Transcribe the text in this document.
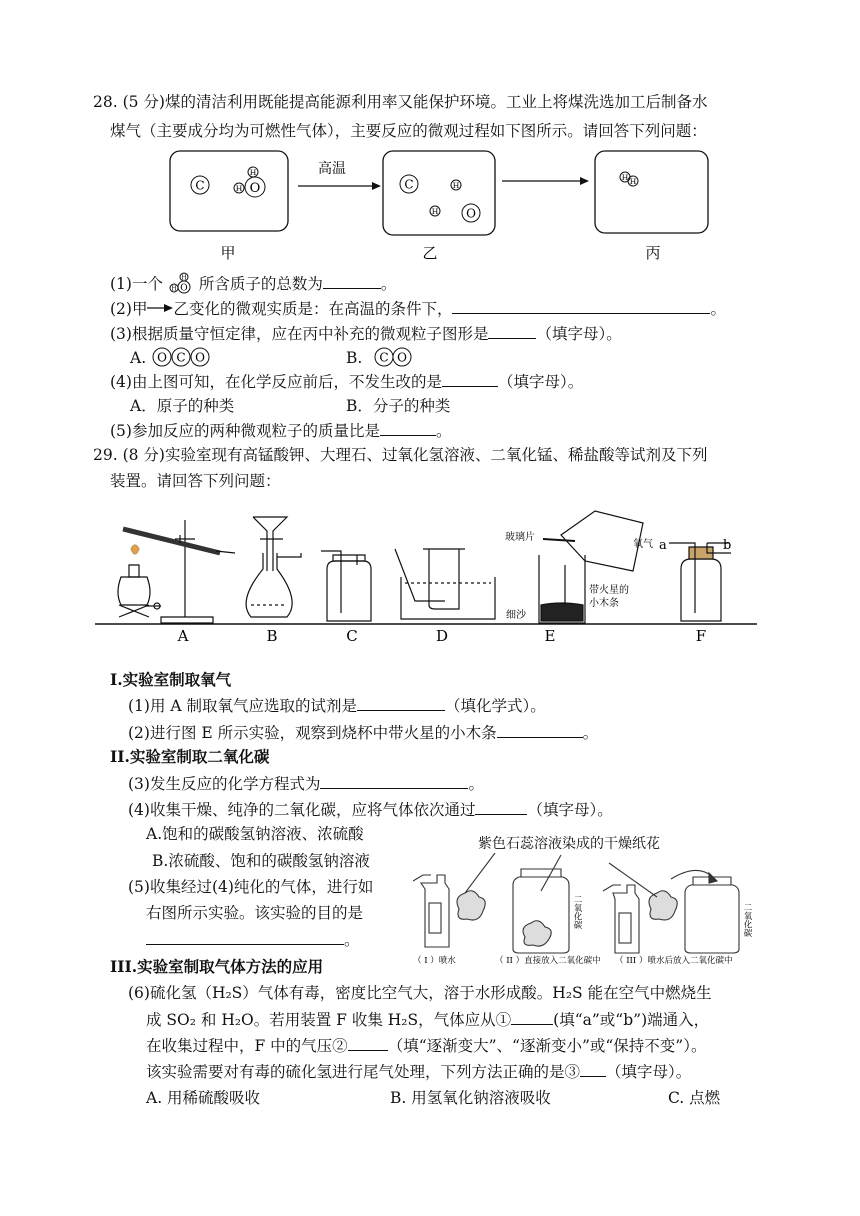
28. (5 分)煤的清洁利用既能提高能源利用率又能保护环境。工业上将煤洗选加工后制备水
煤气（主要成分均为可燃性气体），主要反应的微观过程如下图所示。请回答下列问题：
C	O
H
H
高温
C	H
H O
H H
甲	乙	丙
(1)一个 O
H
H 所含质子的总数为	。
(2)甲 乙变化的微观实质是：在高温的条件下，	。
(3)根据质量守恒定律，应在丙中补充的微观粒子图形是	（填字母）。
A. O C O	B. C O
(4)由上图可知，在化学反应前后，不发生改的是	（填字母）。
A．原子的种类	B．分子的种类
(5)参加反应的两种微观粒子的质量比是	。
29. (8 分)实验室现有高锰酸钾、大理石、过氧化氢溶液、二氧化锰、稀盐酸等试剂及下列
装置。请回答下列问题：
玻璃片
氧气
带火星的
小木条
细沙
a	b
A	B	C	D	E	F
I.实验室制取氧气
(1)用 A 制取氧气应选取的试剂是	（填化学式）。
(2)进行图 E 所示实验，观察到烧杯中带火星的小木条	。
II.实验室制取二氧化碳
(3)发生反应的化学方程式为	。
(4)收集干燥、纯净的二氧化碳，应将气体依次通过	（填字母）。
A.饱和的碳酸氢钠溶液、浓硫酸
B.浓硫酸、饱和的碳酸氢钠溶液
(5)收集经过(4)纯化的气体，进行如
右图所示实验。该实验的目的是
。
紫色石蕊溶液染成的干燥纸花
二氧化碳	二氧化碳
（ I ）喷水	（ II ）直接放入二氧化碳中 （ III ）喷水后放入二氧化碳中
III.实验室制取气体方法的应用
(6)硫化氢（H₂S）气体有毒，密度比空气大，溶于水形成酸。H₂S 能在空气中燃烧生
成 SO₂ 和 H₂O。若用装置 F 收集 H₂S，气体应从①	(填“a”或“b”)端通入，
在收集过程中，F 中的气压②	（填“逐渐变大”、“逐渐变小”或“保持不变”）。
该实验需要对有毒的硫化氢进行尾气处理，下列方法正确的是③ （填字母）。
A. 用稀硫酸吸收	B. 用氢氧化钠溶液吸收	C. 点燃
